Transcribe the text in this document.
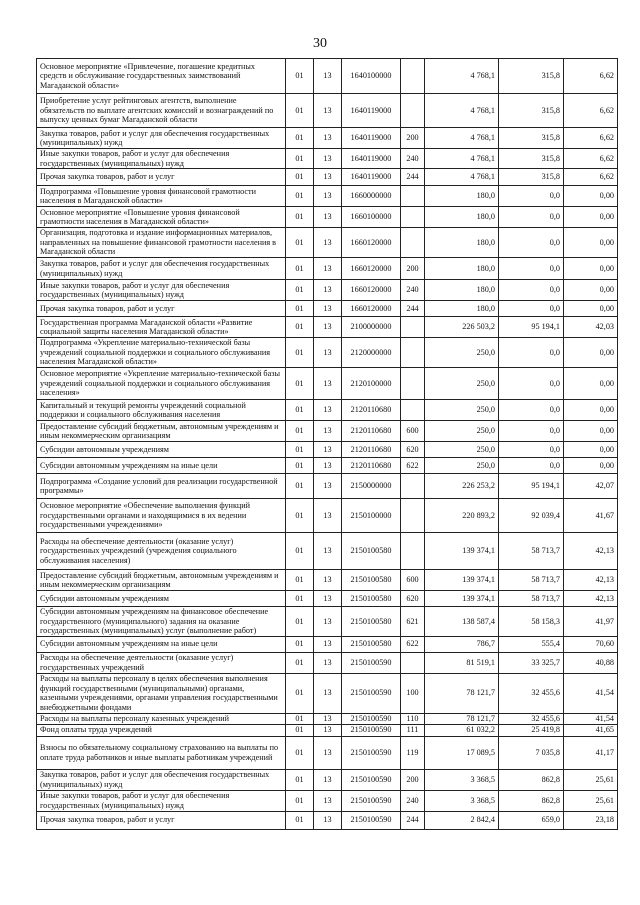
30
Основное мероприятие «Привлечение, погашение кредитных средств и обслуживание государственных заимствований Магаданской области»	01	13	1640100000		4 768,1	315,8	6,62
Приобретение услуг рейтинговых агентств, выполнение обязательств по выплате агентских комиссий и вознаграждений по выпуску ценных бумаг Магаданской области	01	13	1640119000		4 768,1	315,8	6,62
Закупка товаров, работ и услуг для обеспечения государственных (муниципальных) нужд	01	13	1640119000	200	4 768,1	315,8	6,62
Иные закупки товаров, работ и услуг для обеспечения государственных (муниципальных) нужд	01	13	1640119000	240	4 768,1	315,8	6,62
Прочая закупка товаров, работ и услуг	01	13	1640119000	244	4 768,1	315,8	6,62
Подпрограмма «Повышение уровня финансовой грамотности населения в Магаданской области»	01	13	1660000000		180,0	0,0	0,00
Основное мероприятие «Повышение уровня финансовой грамотности населения в Магаданской области»	01	13	1660100000		180,0	0,0	0,00
Организация, подготовка и издание информационных материалов, направленных на повышение финансовой грамотности населения в Магаданской области	01	13	1660120000		180,0	0,0	0,00
Закупка товаров, работ и услуг для обеспечения государственных (муниципальных) нужд	01	13	1660120000	200	180,0	0,0	0,00
Иные закупки товаров, работ и услуг для обеспечения государственных (муниципальных) нужд	01	13	1660120000	240	180,0	0,0	0,00
Прочая закупка товаров, работ и услуг	01	13	1660120000	244	180,0	0,0	0,00
Государственная программа Магаданской области «Развитие социальной защиты населения Магаданской области»	01	13	2100000000		226 503,2	95 194,1	42,03
Подпрограмма «Укрепление материально-технической базы учреждений социальной поддержки и социального обслуживания населения Магаданской области»	01	13	2120000000		250,0	0,0	0,00
Основное мероприятие «Укрепление материально-технической базы учреждений социальной поддержки и социального обслуживания населения»	01	13	2120100000		250,0	0,0	0,00
Капитальный и текущий ремонты учреждений социальной поддержки и социального обслуживания населения	01	13	2120110680		250,0	0,0	0,00
Предоставление субсидий бюджетным, автономным учреждениям и иным некоммерческим организациям	01	13	2120110680	600	250,0	0,0	0,00
Субсидии автономным учреждениям	01	13	2120110680	620	250,0	0,0	0,00
Субсидии автономным учреждениям на иные цели	01	13	2120110680	622	250,0	0,0	0,00
Подпрограмма «Создание условий для реализации государственной программы»	01	13	2150000000		226 253,2	95 194,1	42,07
Основное мероприятие «Обеспечение выполнения функций государственными органами и находящимися в их ведении государственными учреждениями»	01	13	2150100000		220 893,2	92 039,4	41,67
Расходы на обеспечение деятельности (оказание услуг) государственных учреждений (учреждения социального обслуживания населения)	01	13	2150100580		139 374,1	58 713,7	42,13
Предоставление субсидий бюджетным, автономным учреждениям и иным некоммерческим организациям	01	13	2150100580	600	139 374,1	58 713,7	42,13
Субсидии автономным учреждениям	01	13	2150100580	620	139 374,1	58 713,7	42,13
Субсидии автономным учреждениям на финансовое обеспечение государственного (муниципального) задания на оказание государственных (муниципальных) услуг (выполнение работ)	01	13	2150100580	621	138 587,4	58 158,3	41,97
Субсидии автономным учреждениям на иные цели	01	13	2150100580	622	786,7	555,4	70,60
Расходы на обеспечение деятельности (оказание услуг) государственных учреждений	01	13	2150100590		81 519,1	33 325,7	40,88
Расходы на выплаты персоналу в целях обеспечения выполнения функций государственными (муниципальными) органами, казенными учреждениями, органами управления государственными внебюджетными фондами	01	13	2150100590	100	78 121,7	32 455,6	41,54
Расходы на выплаты персоналу казенных учреждений	01	13	2150100590	110	78 121,7	32 455,6	41,54
Фонд оплаты труда учреждений	01	13	2150100590	111	61 032,2	25 419,8	41,65
Взносы по обязательному социальному страхованию на выплаты по оплате труда работников и иные выплаты работникам учреждений	01	13	2150100590	119	17 089,5	7 035,8	41,17
Закупка товаров, работ и услуг для обеспечения государственных (муниципальных) нужд	01	13	2150100590	200	3 368,5	862,8	25,61
Иные закупки товаров, работ и услуг для обеспечения государственных (муниципальных) нужд	01	13	2150100590	240	3 368,5	862,8	25,61
Прочая закупка товаров, работ и услуг	01	13	2150100590	244	2 842,4	659,0	23,18
